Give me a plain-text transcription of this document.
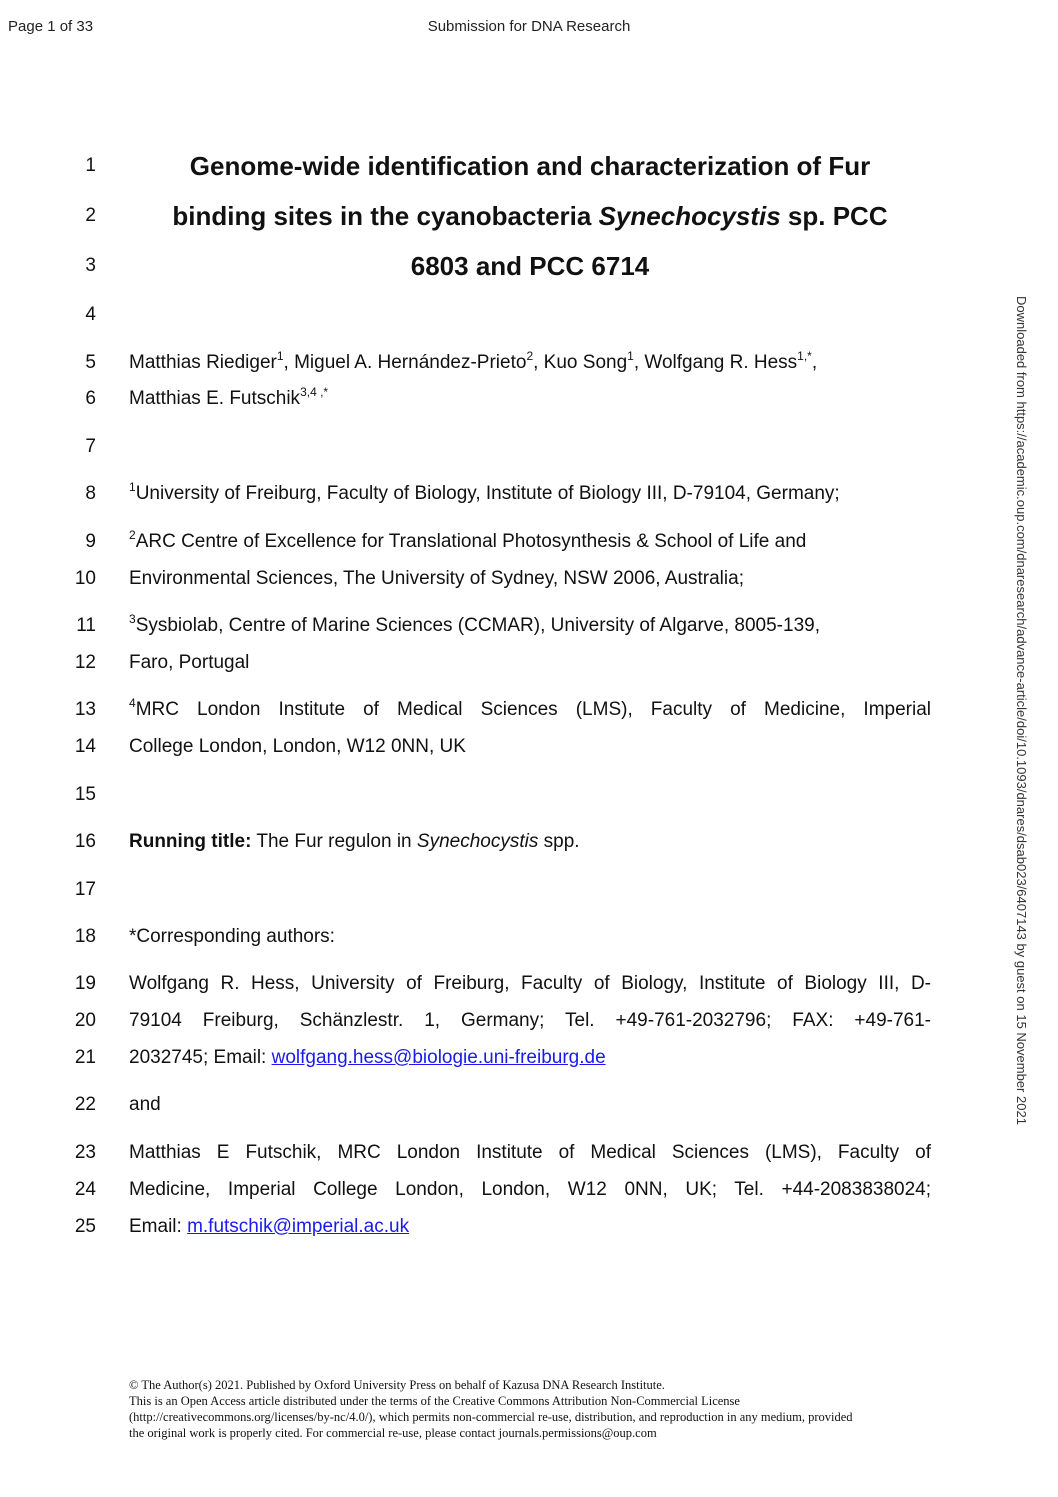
Page 1 of 33	Submission for DNA Research
1	Genome-wide identification and characterization of Fur
2	binding sites in the cyanobacteria Synechocystis sp. PCC
3	6803 and PCC 6714
4
5 Matthias Riediger$^1$, Miguel A. Hernández-Prieto$^2$, Kuo Song$^1$, Wolfgang R. Hess$^{1,*}$,
6 Matthias E. Futschik$^{3,4 ,*}$
7
8	$^1$University of Freiburg, Faculty of Biology, Institute of Biology III, D-79104, Germany;
9	$^2$ARC Centre of Excellence for Translational Photosynthesis & School of Life and
10 Environmental Sciences, The University of Sydney, NSW 2006, Australia;
11	$^3$Sysbiolab, Centre of Marine Sciences (CCMAR), University of Algarve, 8005-139,
12 Faro, Portugal
13	$^4$MRC London Institute of Medical Sciences (LMS), Faculty of Medicine, Imperial
14 College London, London, W12 0NN, UK
15
16 Running title: The Fur regulon in Synechocystis spp.
17
18 *Corresponding authors:
19 Wolfgang R. Hess, University of Freiburg, Faculty of Biology, Institute of Biology III, D-
20 79104 Freiburg, Schänzlestr. 1, Germany; Tel. +49-761-2032796; FAX: +49-761-
21 2032745; Email: wolfgang.hess@biologie.uni-freiburg.de
22 and
23 Matthias E Futschik, MRC London Institute of Medical Sciences (LMS), Faculty of
24 Medicine, Imperial College London, London, W12 0NN, UK; Tel. +44-2083838024;
25 Email: m.futschik@imperial.ac.uk
Downloaded from https://academic.oup.com/dnaresearch/advance-article/doi/10.1093/dnares/dsab023/6407143 by guest on 15 November 2021
© The Author(s) 2021. Published by Oxford University Press on behalf of Kazusa DNA Research Institute.
This is an Open Access article distributed under the terms of the Creative Commons Attribution Non-Commercial License
(http://creativecommons.org/licenses/by-nc/4.0/), which permits non-commercial re-use, distribution, and reproduction in any medium, provided
the original work is properly cited. For commercial re-use, please contact journals.permissions@oup.com
